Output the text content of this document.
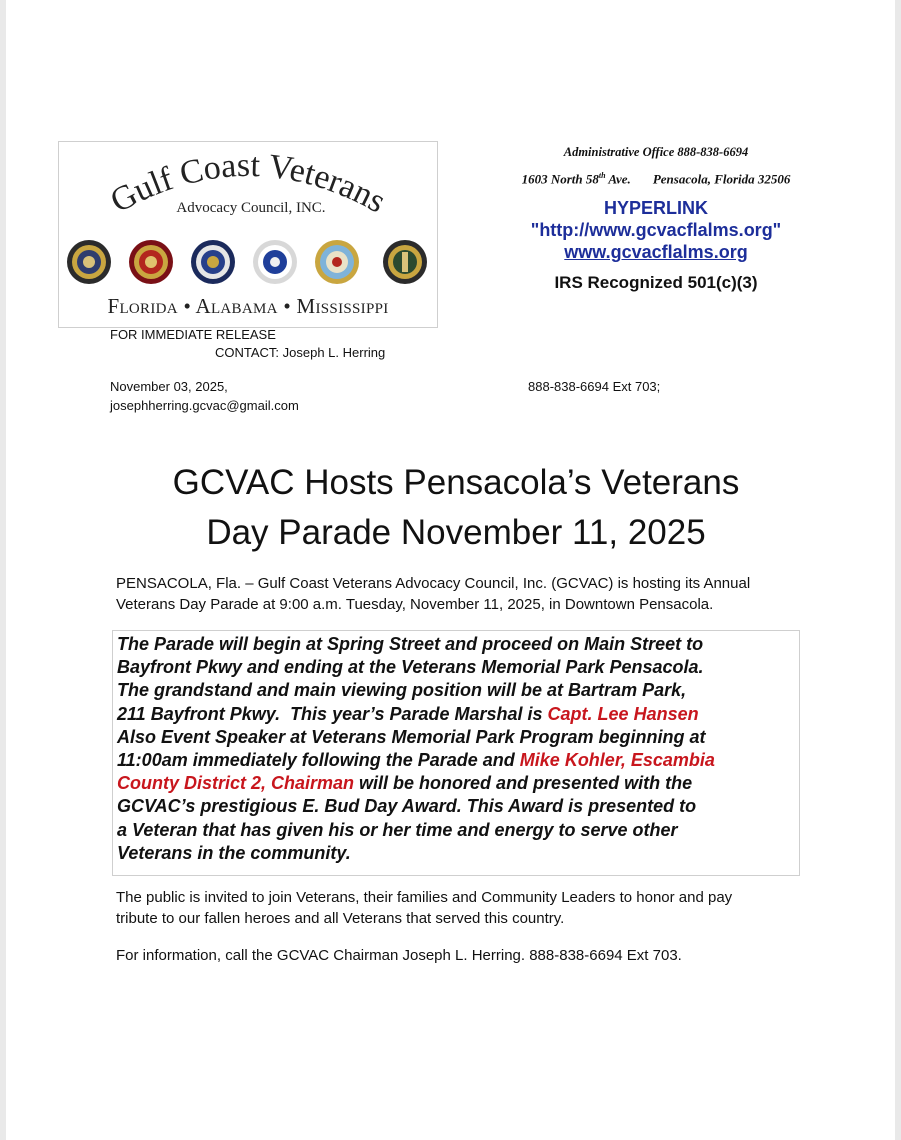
Gulf Coast Veterans
Advocacy Council, INC.
Florida • Alabama • Mississippi
Administrative Office 888-838-6694
1603 North 58th Ave. Pensacola, Florida 32506
HYPERLINK
"http://www.gcvacflalms.org"
www.gcvacflalms.org
IRS Recognized 501(c)(3)
FOR IMMEDIATE RELEASE
CONTACT: Joseph L. Herring
November 03, 2025,
josephherring.gcvac@gmail.com
888-838-6694 Ext 703;
GCVAC Hosts Pensacola’s Veterans
Day Parade November 11, 2025
PENSACOLA, Fla. – Gulf Coast Veterans Advocacy Council, Inc. (GCVAC) is hosting its Annual
Veterans Day Parade at 9:00 a.m. Tuesday, November 11, 2025, in Downtown Pensacola.
The Parade will begin at Spring Street and proceed on Main Street to
Bayfront Pkwy and ending at the Veterans Memorial Park Pensacola.
The grandstand and main viewing position will be at Bartram Park,
211 Bayfront Pkwy.  This year’s Parade Marshal is Capt. Lee Hansen
Also Event Speaker at Veterans Memorial Park Program beginning at
11:00am immediately following the Parade and Mike Kohler, Escambia
County District 2, Chairman will be honored and presented with the
GCVAC’s prestigious E. Bud Day Award. This Award is presented to
a Veteran that has given his or her time and energy to serve other
Veterans in the community.
The public is invited to join Veterans, their families and Community Leaders to honor and pay
tribute to our fallen heroes and all Veterans that served this country.
For information, call the GCVAC Chairman Joseph L. Herring. 888-838-6694 Ext 703.
